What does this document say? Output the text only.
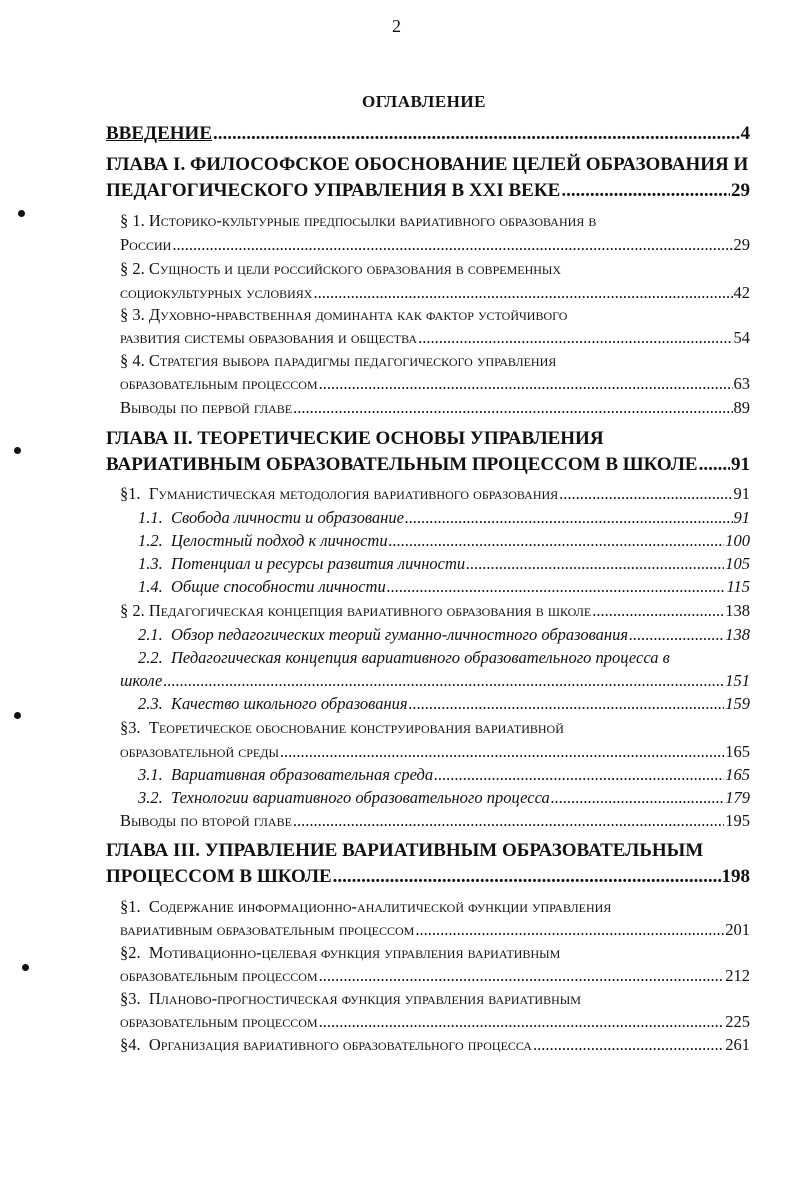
2
ОГЛАВЛЕНИЕ
ВВЕДЕНИЕ .....	4
ГЛАВА I. ФИЛОСОФСКОЕ ОБОСНОВАНИЕ ЦЕЛЕЙ ОБРАЗОВАНИЯ И
ПЕДАГОГИЧЕСКОГО УПРАВЛЕНИЯ В XXI ВЕКЕ .....	29
§ 1. Историко-культурные предпосылки вариативного образования в
России .....	29
§ 2. Сущность и цели российского образования в современных
социокультурных условиях .....	42
§ 3. Духовно-нравственная доминанта как фактор устойчивого
развития системы образования и общества .....	54
§ 4. Стратегия выбора парадигмы педагогического управления
образовательным процессом .....	63
Выводы по первой главе .....	89
ГЛАВА II. ТЕОРЕТИЧЕСКИЕ ОСНОВЫ УПРАВЛЕНИЯ
ВАРИАТИВНЫМ ОБРАЗОВАТЕЛЬНЫМ ПРОЦЕССОМ В ШКОЛЕ ..... 91
§1. Гуманистическая методология вариативного образования .....	91
1.1. Свобода личности и образование .....	91
1.2. Целостный подход к личности .....	100
1.3. Потенциал и ресурсы развития личности .....	105
1.4. Общие способности личности .....	115
§ 2. Педагогическая концепция вариативного образования в школе .....	138
2.1. Обзор педагогических теорий гуманно-личностного образования .....	138
2.2. Педагогическая концепция вариативного образовательного процесса в
школе .....	151
2.3. Качество школьного образования .....	159
§3. Теоретическое обоснование конструирования вариативной
образовательной среды .....	165
3.1. Вариативная образовательная среда .....	165
3.2. Технологии вариативного образовательного процесса .....	179
Выводы по второй главе .....	195
ГЛАВА III. УПРАВЛЕНИЕ ВАРИАТИВНЫМ ОБРАЗОВАТЕЛЬНЫМ
ПРОЦЕССОМ В ШКОЛЕ .....	198
§1. Содержание информационно-аналитической функции управления
вариативным образовательным процессом .....	201
§2. Мотивационно-целевая функция управления вариативным
образовательным процессом .....	212
§3. Планово-прогностическая функция управления вариативным
образовательным процессом .....	225
§4. Организация вариативного образовательного процесса .....	261
